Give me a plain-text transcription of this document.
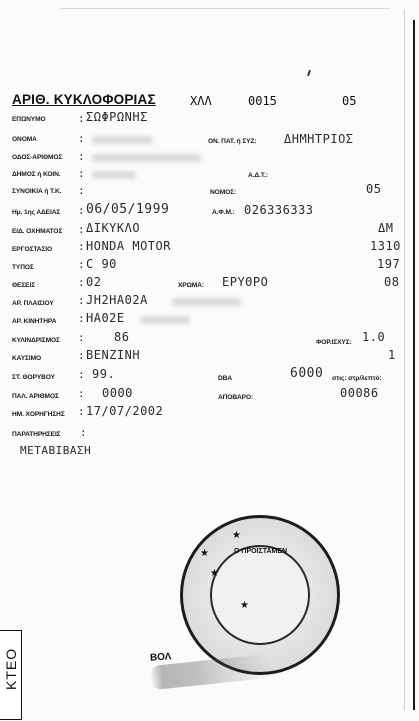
ΑΡΙΘ. ΚΥΚΛΟΦΟΡΙΑΣ	ΧΛΛ	0015	05
ΕΠΩΝΥΜΟ	: ΣΩΦΡΩΝΗΣ
ΟΝΟΜΑ	:	ΟΝ. ΠΑΤ. ή ΣΥΖ: ΔΗΜΗΤΡΙΟΣ
ΟΔΟΣ-ΑΡΙΘΜΟΣ :
ΔΗΜΟΣ ή ΚΟΙΝ. :	Α.Δ.Τ.:
ΣΥΝΟΙΚΙΑ ή Τ.Κ. :	ΝΟΜΟΣ:	05
Ημ. 1ης ΑΔΕΙΑΣ : 06/05/1999	Α.Φ.Μ.: 026336333
ΕΙΔ. ΟΧΗΜΑΤΟΣ : ΔΙΚΥΚΛΟ	ΔΜ
ΕΡΓΟΣΤΑΣΙΟ : HONDA MOTOR	1310
ΤΥΠΟΣ	: C 90	197
ΘΕΣΕΙΣ	: 02	ΧΡΩΜΑ: ΕΡΥΘΡΟ	08
ΑΡ. ΠΛΑΙΣΙΟΥ : JH2HA02A
ΑΡ. ΚΙΝΗΤΗΡΑ : HA02E
ΚΥΛΙΝΔΡΙΣΜΟΣ : 86	ΦΟΡ.ΙΣΧΥΣ: 1.0
ΚΑΥΣΙΜΟ	: BENZINH	1
ΣΤ. ΘΟΡΥΒΟΥ : 99.	DBA	6000 στις: στρ/λεπτό:
ΠΑΛ. ΑΡΙΘΜΟΣ : 0000	ΑΠΟΒΑΡΟ:	00086
ΗΜ. ΧΟΡΗΓΗΣΗΣ : 17/07/2002
ΠΑΡΑΤΗΡΗΣΕΙΣ :
ΜΕΤΑΒΙΒΑΣΗ
Ο ΠΡΟΪΣΤΑΜΕΝ
★
★
★
★
ΒΟΛ
ΚΤΕΟ
